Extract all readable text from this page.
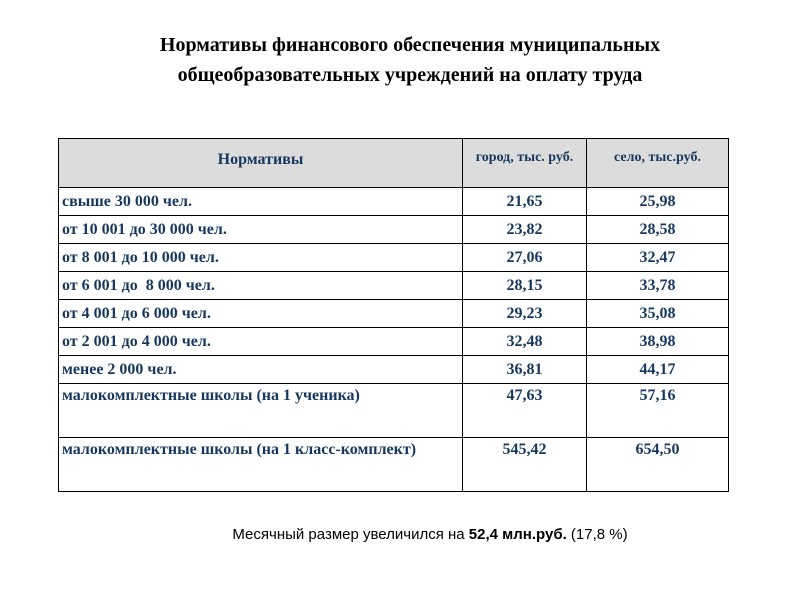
Нормативы финансового обеспечения муниципальных
общеобразовательных учреждений на оплату труда
Нормативы	город, тыс. руб.	село, тыс.руб.
свыше 30 000 чел.	21,65	25,98
от 10 001 до 30 000 чел.	23,82	28,58
от 8 001 до 10 000 чел.	27,06	32,47
от 6 001 до  8 000 чел.	28,15	33,78
от 4 001 до 6 000 чел.	29,23	35,08
от 2 001 до 4 000 чел.	32,48	38,98
менее 2 000 чел.	36,81	44,17
малокомплектные школы (на 1 ученика)	47,63	57,16
малокомплектные школы (на 1 класс-комплект)	545,42	654,50
Месячный размер увеличился на 52,4 млн.руб. (17,8 %)
